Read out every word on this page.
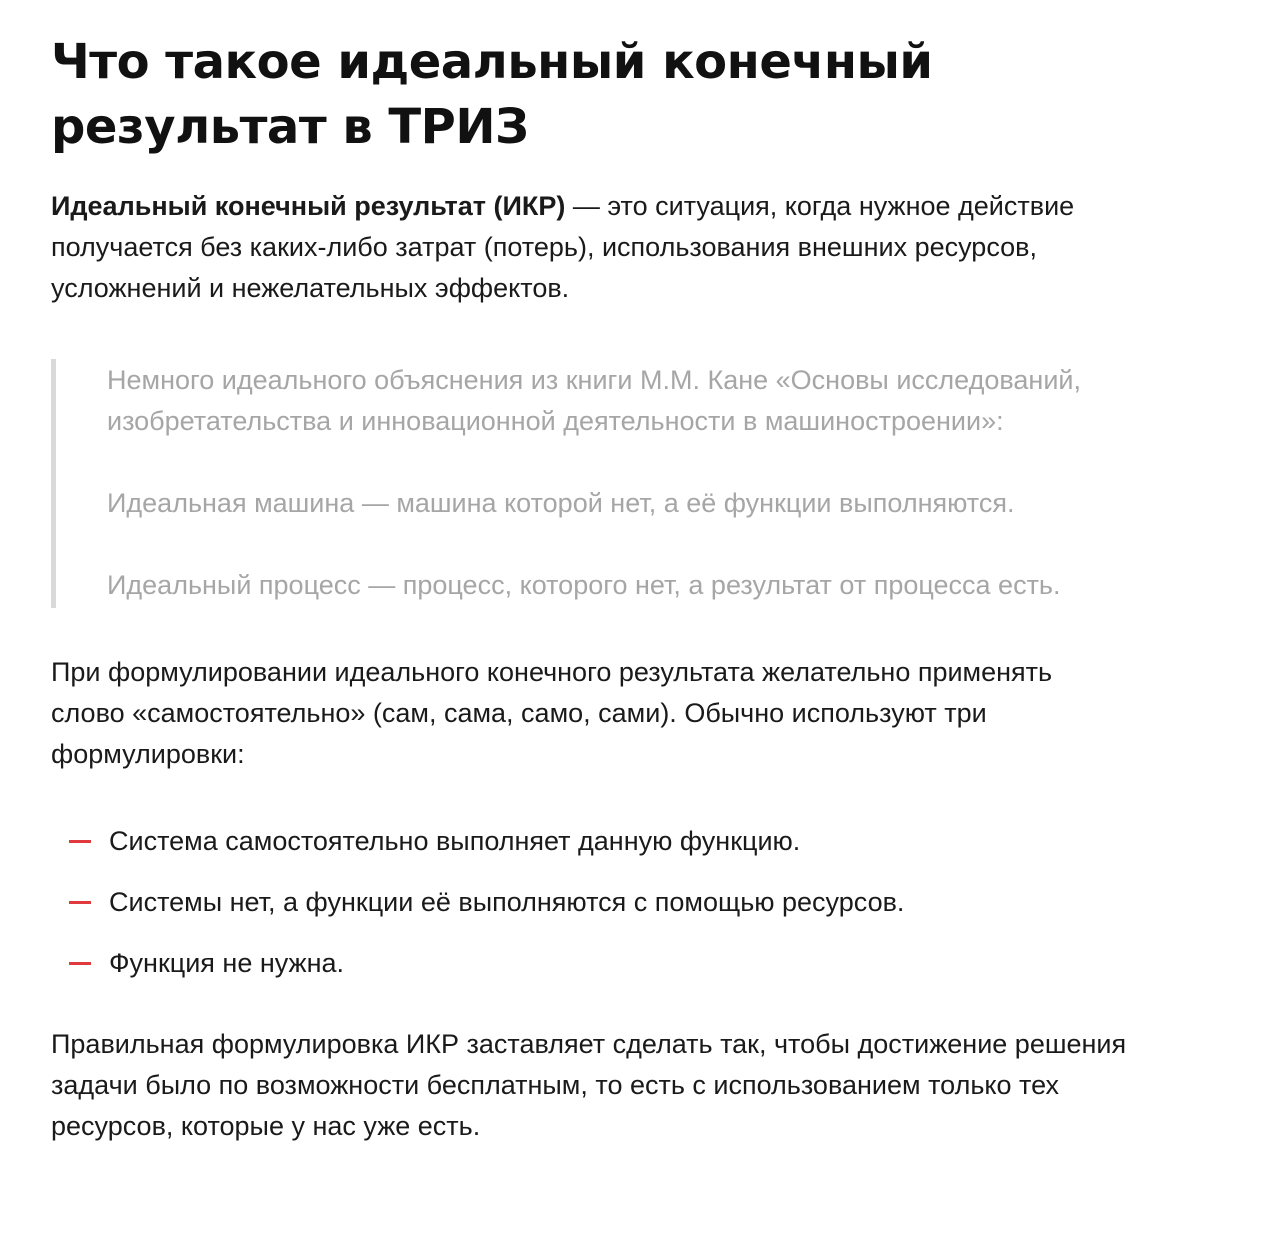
Что такое идеальный конечный результат в ТРИЗ

Идеальный конечный результат (ИКР) — это ситуация, когда нужное действие получается без каких-либо затрат (потерь), использования внешних ресурсов, усложнений и нежелательных эффектов.

Немного идеального объяснения из книги М.М. Кане «Основы исследований, изобретательства и инновационной деятельности в машиностроении»:

Идеальная машина — машина которой нет, а её функции выполняются.

Идеальный процесс — процесс, которого нет, а результат от процесса есть.

При формулировании идеального конечного результата желательно применять слово «самостоятельно» (сам, сама, само, сами). Обычно используют три формулировки:

Система самостоятельно выполняет данную функцию.
Системы нет, а функции её выполняются с помощью ресурсов.
Функция не нужна.

Правильная формулировка ИКР заставляет сделать так, чтобы достижение решения задачи было по возможности бесплатным, то есть с использованием только тех ресурсов, которые у нас уже есть.
